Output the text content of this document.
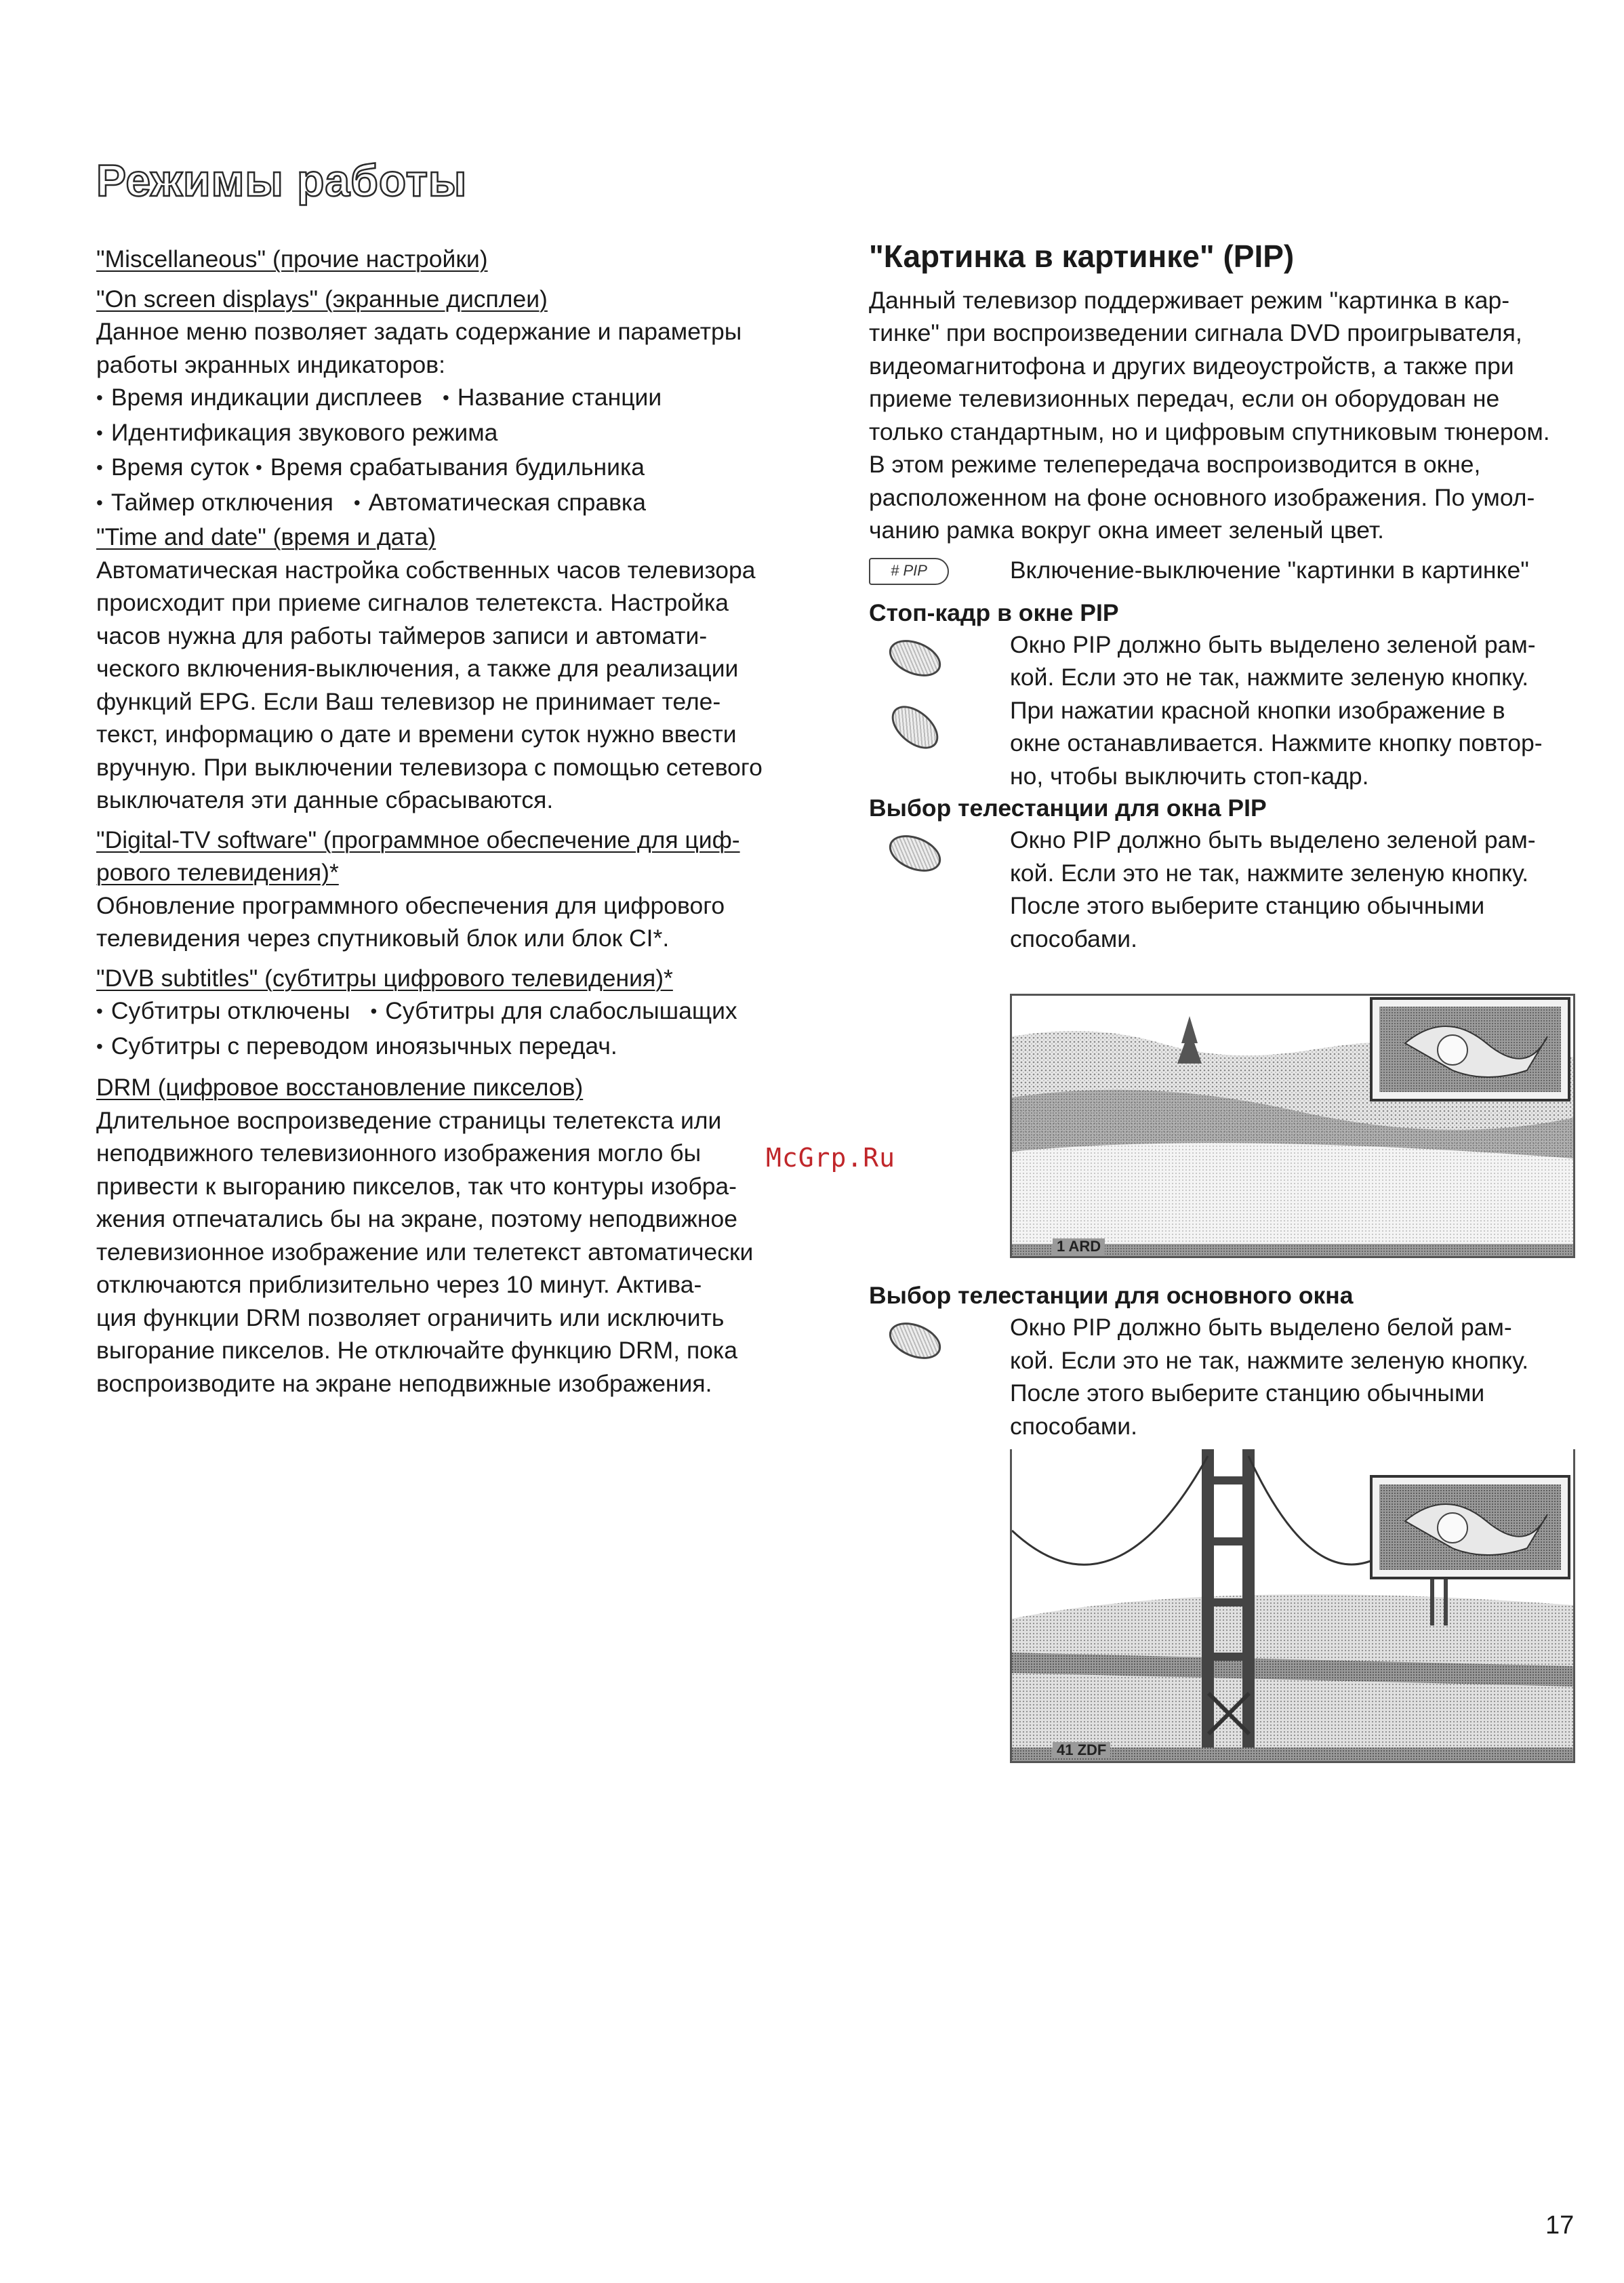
Режимы работы

"Miscellaneous" (прочие настройки)

"On screen displays" (экранные дисплеи)

Данное меню позволяет задать содержание и параметры

работы экранных индикаторов:

• Время индикации дисплеев • Название станции

• Идентификация звукового режима

• Время суток • Время срабатывания будильника

• Таймер отключения • Автоматическая справка

"Time and date" (время и дата)

Автоматическая настройка собственных часов телевизора

происходит при приеме сигналов телетекста. Настройка

часов нужна для работы таймеров записи и автомати-

ческого включения-выключения, а также для реализации

функций EPG. Если Ваш телевизор не принимает теле-

текст, информацию о дате и времени суток нужно ввести

вручную. При выключении телевизора с помощью сетевого

выключателя эти данные сбрасываются.

"Digital-TV software" (программное обеспечение для циф-

рового телевидения)*

Обновление программного обеспечения для цифрового

телевидения через спутниковый блок или блок CI*.

"DVB subtitles" (субтитры цифрового телевидения)*

• Субтитры отключены • Субтитры для слабослышащих

• Субтитры с переводом иноязычных передач.

DRM (цифровое восстановление пикселов)

Длительное воспроизведение страницы телетекста или

неподвижного телевизионного изображения могло бы

привести к выгоранию пикселов, так что контуры изобра-

жения отпечатались бы на экране, поэтому неподвижное

телевизионное изображение или телетекст автоматически

отключаются приблизительно через 10 минут. Актива-

ция функции DRM позволяет ограничить или исключить

выгорание пикселов. Не отключайте функцию DRM, пока

воспроизводите на экране неподвижные изображения.

McGrp.Ru

"Картинка в картинке" (PIP)

Данный телевизор поддерживает режим "картинка в кар-

тинке" при воспроизведении сигнала DVD проигрывателя,

видеомагнитофона и других видеоустройств, а также при

приеме телевизионных передач, если он оборудован не

только стандартным, но и цифровым спутниковым тюнером.

В этом режиме телепередача воспроизводится в окне,

расположенном на фоне основного изображения. По умол-

чанию рамка вокруг окна имеет зеленый цвет.

# PIP	Включение-выключение "картинки в картинке"

Стоп-кадр в окне PIP

Окно PIP должно быть выделено зеленой рам-

кой. Если это не так, нажмите зеленую кнопку.

При нажатии красной кнопки изображение в

окне останавливается. Нажмите кнопку повтор-

но, чтобы выключить стоп-кадр.

Выбор телестанции для окна PIP

Окно PIP должно быть выделено зеленой рам-

кой. Если это не так, нажмите зеленую кнопку.

После этого выберите станцию обычными

способами.

1 ARD

Выбор телестанции для основного окна

Окно PIP должно быть выделено белой рам-

кой. Если это не так, нажмите зеленую кнопку.

После этого выберите станцию обычными

способами.

41 ZDF
17
